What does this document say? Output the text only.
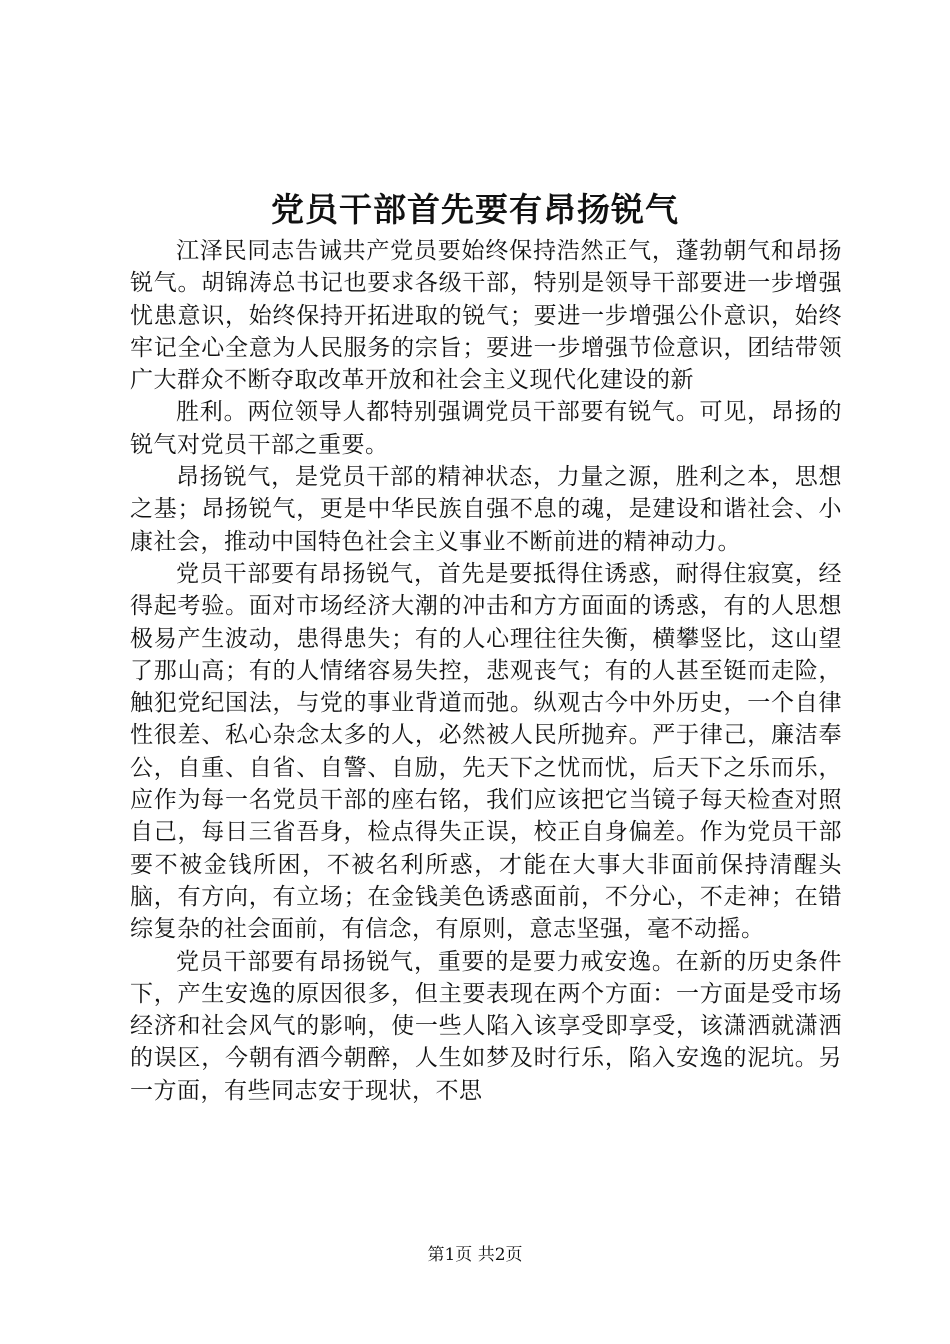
党员干部首先要有昂扬锐气

江泽民同志告诫共产党员要始终保持浩然正气，蓬勃朝气和昂扬锐气。胡锦涛总书记也要求各级干部，特别是领导干部要进一步增强忧患意识，始终保持开拓进取的锐气；要进一步增强公仆意识，始终牢记全心全意为人民服务的宗旨；要进一步增强节俭意识，团结带领广大群众不断夺取改革开放和社会主义现代化建设的新

胜利。两位领导人都特别强调党员干部要有锐气。可见，昂扬的锐气对党员干部之重要。

昂扬锐气，是党员干部的精神状态，力量之源，胜利之本，思想之基；昂扬锐气，更是中华民族自强不息的魂，是建设和谐社会、小康社会，推动中国特色社会主义事业不断前进的精神动力。

党员干部要有昂扬锐气，首先是要抵得住诱惑，耐得住寂寞，经得起考验。面对市场经济大潮的冲击和方方面面的诱惑，有的人思想极易产生波动，患得患失；有的人心理往往失衡，横攀竖比，这山望了那山高；有的人情绪容易失控，悲观丧气；有的人甚至铤而走险，触犯党纪国法，与党的事业背道而弛。纵观古今中外历史，一个自律性很差、私心杂念太多的人，必然被人民所抛弃。严于律己，廉洁奉公，自重、自省、自警、自励，先天下之忧而忧，后天下之乐而乐，应作为每一名党员干部的座右铭，我们应该把它当镜子每天检查对照自己，每日三省吾身，检点得失正误，校正自身偏差。作为党员干部要不被金钱所困，不被名利所惑，才能在大事大非面前保持清醒头脑，有方向，有立场；在金钱美色诱惑面前，不分心，不走神；在错综复杂的社会面前，有信念，有原则，意志坚强，毫不动摇。

党员干部要有昂扬锐气，重要的是要力戒安逸。在新的历史条件下，产生安逸的原因很多，但主要表现在两个方面：一方面是受市场经济和社会风气的影响，使一些人陷入该享受即享受，该潇洒就潇洒的误区，今朝有酒今朝醉，人生如梦及时行乐，陷入安逸的泥坑。另一方面，有些同志安于现状，不思

第1页 共2页
